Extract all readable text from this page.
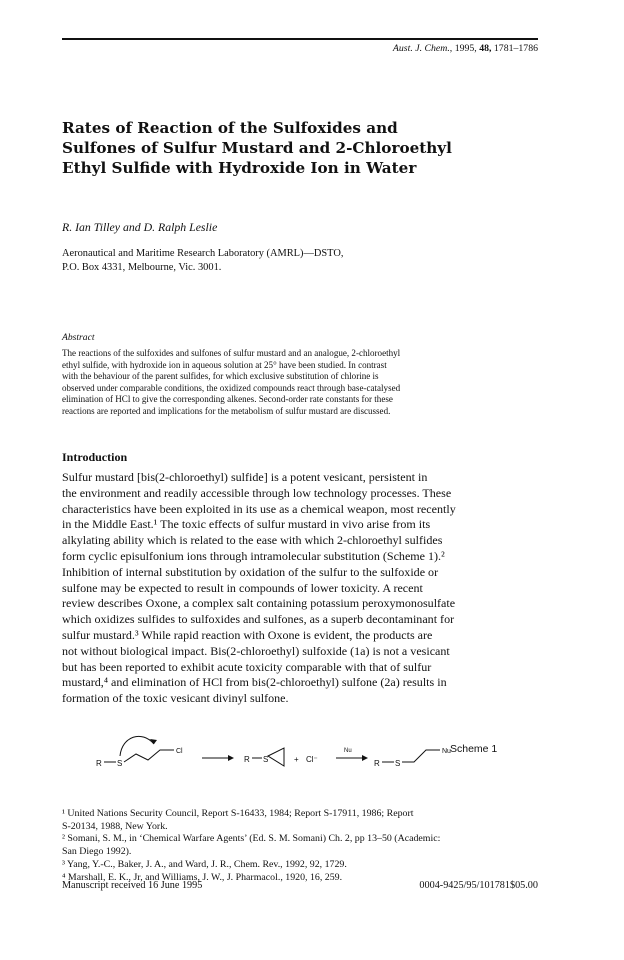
Aust. J. Chem., 1995, 48, 1781–1786
Rates of Reaction of the Sulfoxides and
Sulfones of Sulfur Mustard and 2-Chloroethyl
Ethyl Sulfide with Hydroxide Ion in Water
R. Ian Tilley and D. Ralph Leslie
Aeronautical and Maritime Research Laboratory (AMRL)—DSTO,
P.O. Box 4331, Melbourne, Vic. 3001.
Abstract
The reactions of the sulfoxides and sulfones of sulfur mustard and an analogue, 2-chloroethyl
ethyl sulfide, with hydroxide ion in aqueous solution at 25° have been studied. In contrast
with the behaviour of the parent sulfides, for which exclusive substitution of chlorine is
observed under comparable conditions, the oxidized compounds react through base-catalysed
elimination of HCl to give the corresponding alkenes. Second-order rate constants for these
reactions are reported and implications for the metabolism of sulfur mustard are discussed.
Introduction
Sulfur mustard [bis(2-chloroethyl) sulfide] is a potent vesicant, persistent in
the environment and readily accessible through low technology processes. These
characteristics have been exploited in its use as a chemical weapon, most recently
in the Middle East.¹ The toxic effects of sulfur mustard in vivo arise from its
alkylating ability which is related to the ease with which 2-chloroethyl sulfides
form cyclic episulfonium ions through intramolecular substitution (Scheme 1).²
Inhibition of internal substitution by oxidation of the sulfur to the sulfoxide or
sulfone may be expected to result in compounds of lower toxicity. A recent
review describes Oxone, a complex salt containing potassium peroxymonosulfate
which oxidizes sulfides to sulfoxides and sulfones, as a superb decontaminant for
sulfur mustard.³ While rapid reaction with Oxone is evident, the products are
not without biological impact. Bis(2-chloroethyl) sulfoxide (1a) is not a vesicant
but has been reported to exhibit acute toxicity comparable with that of sulfur
mustard,⁴ and elimination of HCl from bis(2-chloroethyl) sulfone (2a) results in
formation of the toxic vesicant divinyl sulfone.
R S
Cl
R S	+ Cl⁻
Nu
R S
Nu Scheme 1
¹ United Nations Security Council, Report S-16433, 1984; Report S-17911, 1986; Report
S-20134, 1988, New York.
² Somani, S. M., in ‘Chemical Warfare Agents’ (Ed. S. M. Somani) Ch. 2, pp 13–50 (Academic:
San Diego 1992).
³ Yang, Y.-C., Baker, J. A., and Ward, J. R., Chem. Rev., 1992, 92, 1729.
⁴ Marshall, E. K., Jr, and Williams, J. W., J. Pharmacol., 1920, 16, 259.
Manuscript received 16 June 1995	0004-9425/95/101781$05.00
